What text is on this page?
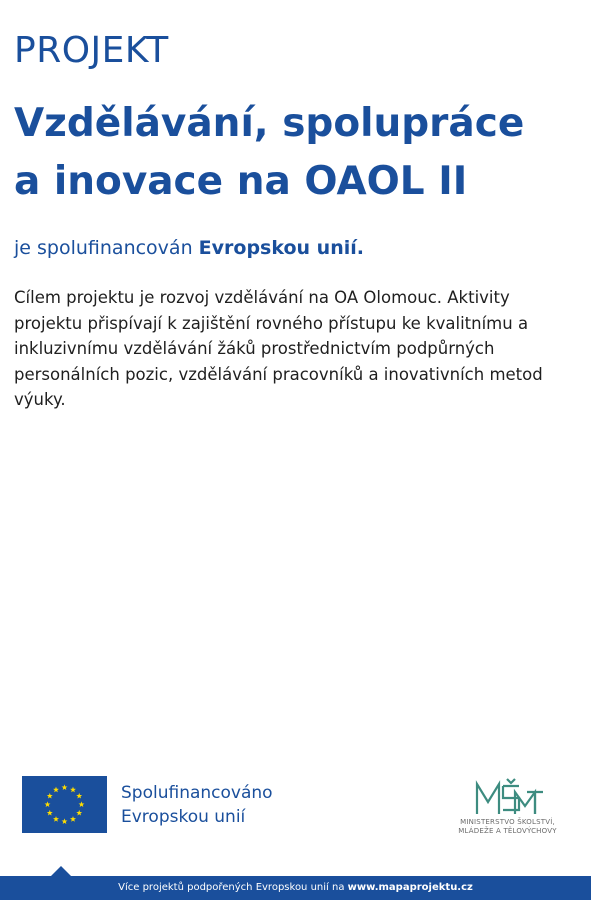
PROJEKT
Vzdělávání, spolupráce
a inovace na OAOL II
je spolufinancován Evropskou unií.
Cílem projektu je rozvoj vzdělávání na OA Olomouc. Aktivity projektu přispívají k zajištění rovného přístupu ke kvalitnímu a inkluzivnímu vzdělávání žáků prostřednictvím podpůrných personálních pozic, vzdělávání pracovníků a inovativních metod výuky.
Spolufinancováno
Evropskou unií	MINISTERSTVO ŠKOLSTVÍ,
MLÁDEŽE A TĚLOVÝCHOVY
Více projektů podpořených Evropskou unií na www.mapaprojektu.cz
